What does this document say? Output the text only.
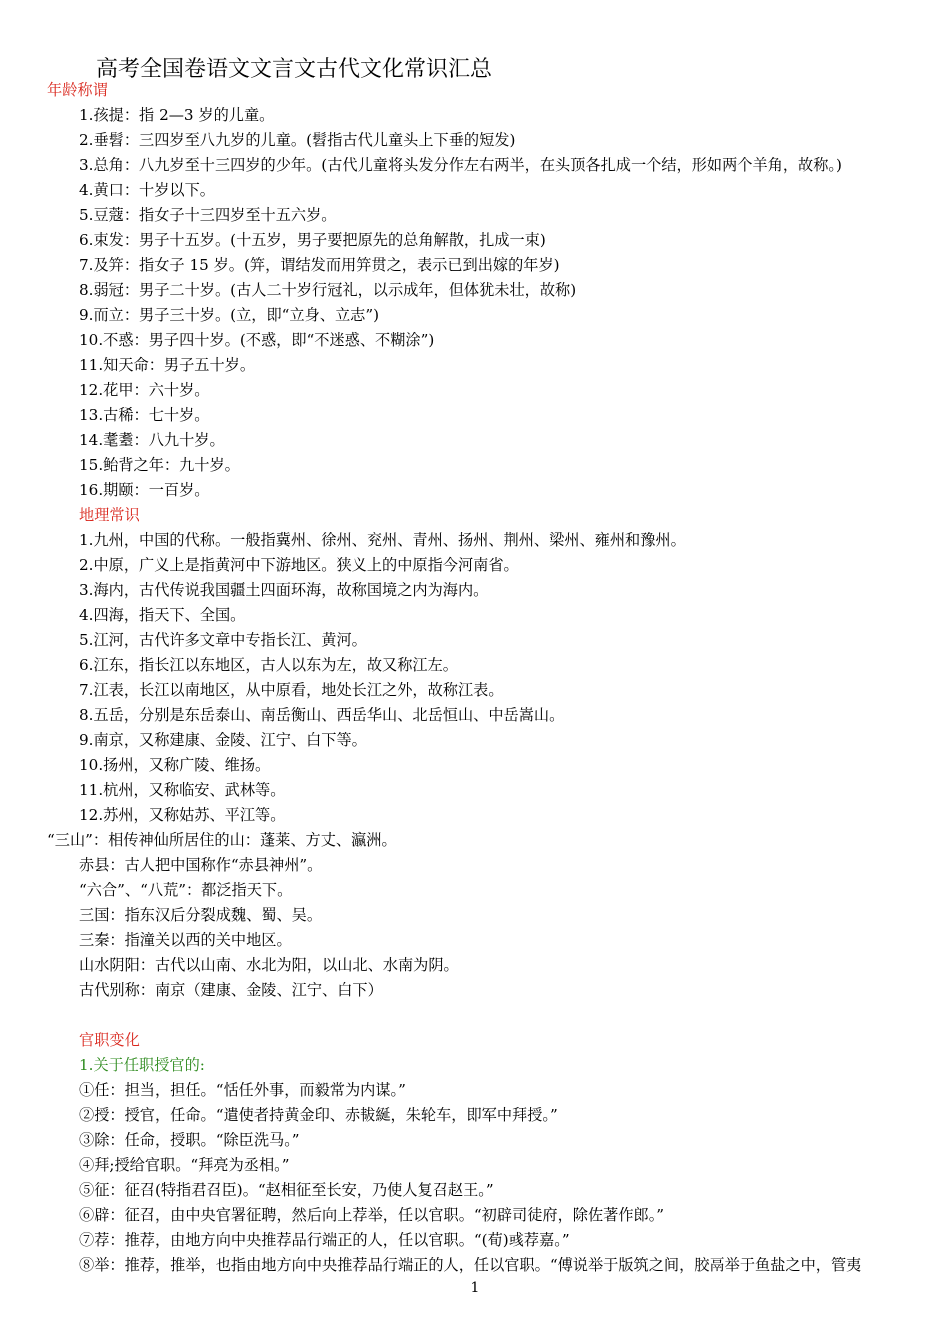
高考全国卷语文文言文古代文化常识汇总
年龄称谓
1.孩提：指 2—3 岁的儿童。
2.垂髫：三四岁至八九岁的儿童。(髫指古代儿童头上下垂的短发)
3.总角：八九岁至十三四岁的少年。(古代儿童将头发分作左右两半，在头顶各扎成一个结，形如两个羊角，故称。)
4.黄口：十岁以下。
5.豆蔻：指女子十三四岁至十五六岁。
6.束发：男子十五岁。(十五岁，男子要把原先的总角解散，扎成一束)
7.及笄：指女子 15 岁。(笄，谓结发而用笄贯之，表示已到出嫁的年岁)
8.弱冠：男子二十岁。(古人二十岁行冠礼，以示成年，但体犹未壮，故称)
9.而立：男子三十岁。(立，即“立身、立志”)
10.不惑：男子四十岁。(不惑，即“不迷惑、不糊涂”)
11.知天命：男子五十岁。
12.花甲：六十岁。
13.古稀：七十岁。
14.耄耋：八九十岁。
15.鲐背之年：九十岁。
16.期颐：一百岁。
地理常识
1.九州，中国的代称。一般指冀州、徐州、兖州、青州、扬州、荆州、梁州、雍州和豫州。
2.中原，广义上是指黄河中下游地区。狭义上的中原指今河南省。
3.海内，古代传说我国疆土四面环海，故称国境之内为海内。
4.四海，指天下、全国。
5.江河，古代许多文章中专指长江、黄河。
6.江东，指长江以东地区，古人以东为左，故又称江左。
7.江表，长江以南地区，从中原看，地处长江之外，故称江表。
8.五岳，分别是东岳泰山、南岳衡山、西岳华山、北岳恒山、中岳嵩山。
9.南京，又称建康、金陵、江宁、白下等。
10.扬州，又称广陵、维扬。
11.杭州，又称临安、武林等。
12.苏州，又称姑苏、平江等。
“三山”：相传神仙所居住的山：蓬莱、方丈、瀛洲。
赤县：古人把中国称作“赤县神州”。
“六合”、“八荒”：都泛指天下。
三国：指东汉后分裂成魏、蜀、吴。
三秦：指潼关以西的关中地区。
山水阴阳：古代以山南、水北为阳，以山北、水南为阴。
古代别称：南京（建康、金陵、江宁、白下）
官职变化
1.关于任职授官的:
①任：担当，担任。“恬任外事，而毅常为内谋。”
②授：授官，任命。“遣使者持黄金印、赤韨綖，朱轮车，即军中拜授。”
③除：任命，授职。“除臣洗马。”
④拜;授给官职。“拜亮为丞相。”
⑤征：征召(特指君召臣)。“赵相征至长安，乃使人复召赵王。”
⑥辟：征召，由中央官署征聘，然后向上荐举，任以官职。“初辟司徒府，除佐著作郎。”
⑦荐：推荐，由地方向中央推荐品行端正的人，任以官职。“(荀)彧荐嘉。”
⑧举：推荐，推举，也指由地方向中央推荐品行端正的人，任以官职。“傅说举于版筑之间，胶鬲举于鱼盐之中，管夷
1
